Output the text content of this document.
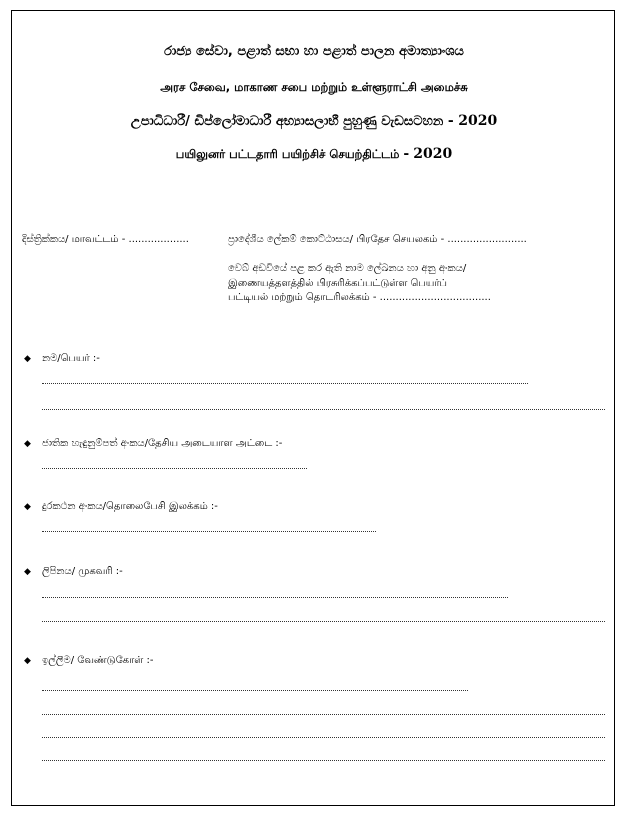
රාජ්‍ය සේවා, පළාත් සභා හා පළාත් පාලන අමාත්‍යාංශය
அரச சேவை, மாகாண சபை மற்றும் உள்ளூராட்சி அமைச்சு
උපාධිධාරී/ ඩිප්ලෝමාධාරී අභ්‍යාසලාභී පුහුණු වැඩසටහන - 2020
பயிலுனர் பட்டதாரி பயிற்சிச் செயற்திட்டம் - 2020
දිස්ත්‍රික්කය/ மாவட்டம் - ...................	ප්‍රාදේශීය ලේකම් කොට්ඨාසය/ பிரதேச செயலகம் - .........................
වෙබ් අඩවියේ පළ කර ඇති නාම ලේඛනය හා අනු අංකය/
இணையத்தளத்தில் பிரசுரிக்கப்பட்டுள்ள பெயர்ப்
பட்டியல் மற்றும் தொடரிலக்கம் - ...................................
◆ නම/பெயர் :-
◆ ජාතික හැඳුනුම්පත් අංකය/தேசிய அடையாள அட்டை :-
◆ දුරකථන අංකය/தொலைபேசி இலக்கம் :-
◆ ලිපිනය/ முகவரி :-
◆ ඉල්ලීම/ வேண்டுகோள் :-
